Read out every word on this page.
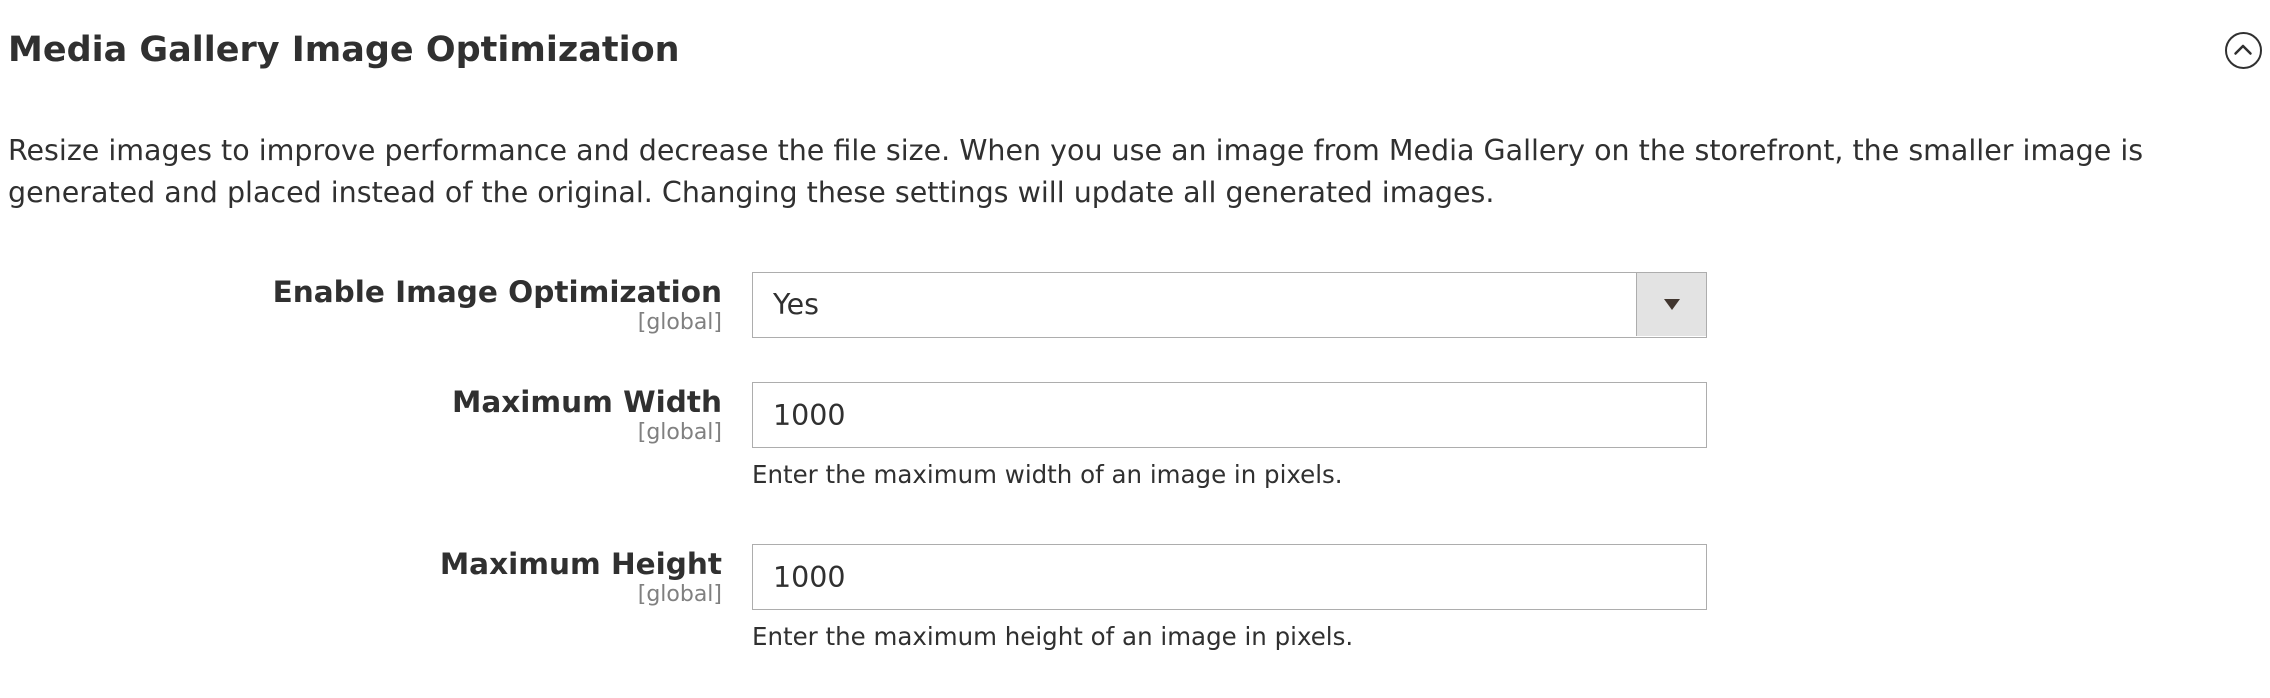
Media Gallery Image Optimization

Resize images to improve performance and decrease the file size. When you use an image from Media Gallery on the storefront, the smaller image is generated and placed instead of the original. Changing these settings will update all generated images.

Enable Image Optimization
[global]
Yes
Maximum Width
[global]
1000
Enter the maximum width of an image in pixels.
Maximum Height
[global]
1000
Enter the maximum height of an image in pixels.
